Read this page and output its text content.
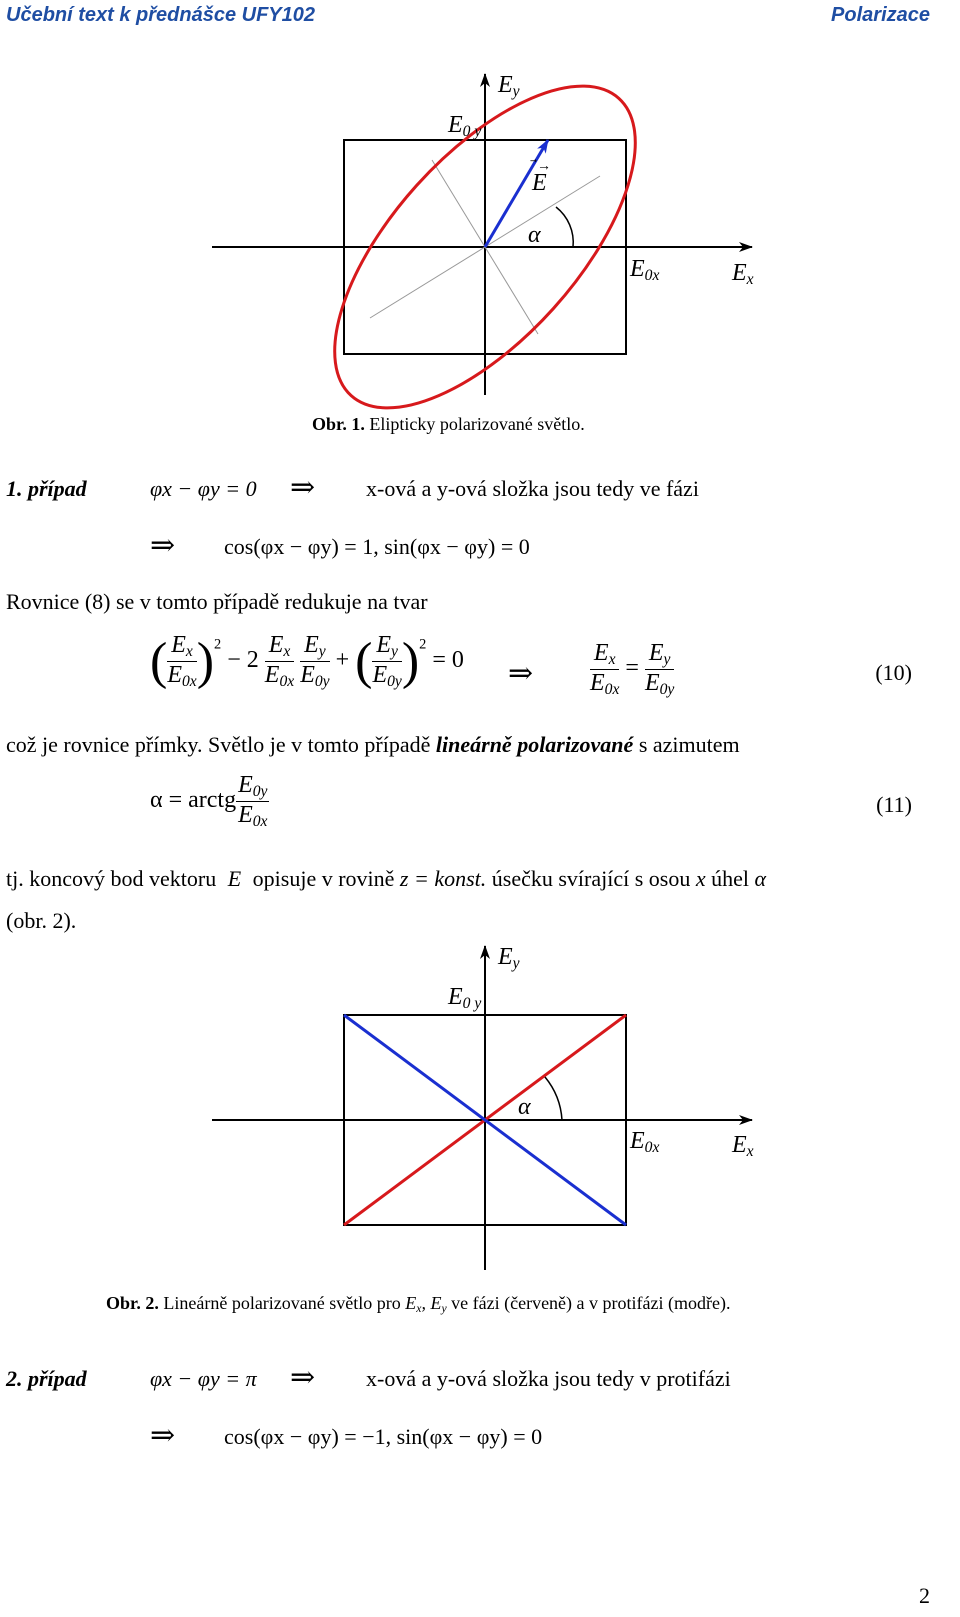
Učební text k přednášce UFY102	Polarizace
$E_y$
$E_{0 y}$
E
⃗→
α
$E_{0x}$	$E_x$
Obr. 1. Elipticky polarizované světlo.
1. případ	φx − φy = 0 ⇒ x-ová a y-ová složka jsou tedy ve fázi
⇒ cos(φx − φy) = 1, sin(φx − φy) = 0
Rovnice (8) se v tomto případě redukuje na tvar
( $\frac{E_x}{E_{0x}} )^2 - 2 \frac{E_x}{E_{0x}}$
$\frac{E_y}{E_{0y}}$ + ( $\frac{E_y}{E_{0y}} )^2 = 0$ ⇒ $\frac{E_x}{E_{0x}} = \frac{E_y}{E_{0y}}$	(10)
což je rovnice přímky. Světlo je v tomto případě lineárně polarizované s azimutem
α = arctg $\frac{E_{0y}}{E_{0x}}$	(11)
tj. koncový bod vektoru E opisuje v rovině z = konst. úsečku svírající s osou x úhel α
(obr. 2).
$E_y$
$E_{0 y}$
α
$E_{0x}$	$E_x$
Obr. 2. Lineárně polarizované světlo pro $E_x$, $E_y$ ve fázi (červeně) a v protifázi (modře).
2. případ	φx − φy = π ⇒ x-ová a y-ová složka jsou tedy v protifázi
⇒ cos(φx − φy) = −1, sin(φx − φy) = 0
2
